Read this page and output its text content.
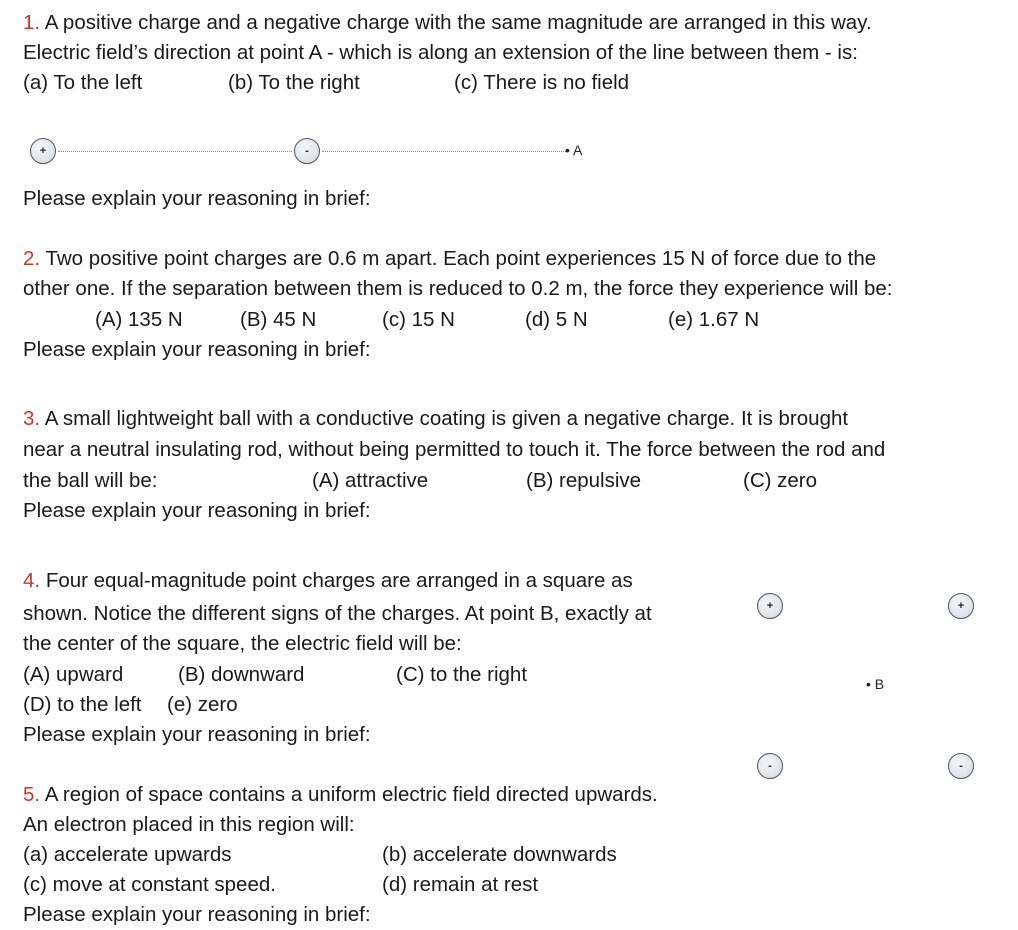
1. A positive charge and a negative charge with the same magnitude are arranged in this way.
Electric field’s direction at point A - which is along an extension of the line between them - is:
(a) To the left	(b) To the right	(c) There is no field
+	-	• A
Please explain your reasoning in brief:
2. Two positive point charges are 0.6 m apart. Each point experiences 15 N of force due to the
other one. If the separation between them is reduced to 0.2 m, the force they experience will be:
(A) 135 N	(B) 45 N	(c) 15 N	(d) 5 N	(e) 1.67 N
Please explain your reasoning in brief:
3. A small lightweight ball with a conductive coating is given a negative charge. It is brought
near a neutral insulating rod, without being permitted to touch it. The force between the rod and
the ball will be:	(A) attractive	(B) repulsive	(C) zero
Please explain your reasoning in brief:
4. Four equal-magnitude point charges are arranged in a square as
shown. Notice the different signs of the charges. At point B, exactly at
the center of the square, the electric field will be:
(A) upward	(B) downward	(C) to the right
(D) to the left (e) zero
Please explain your reasoning in brief:
+	+
• B
-	-
5. A region of space contains a uniform electric field directed upwards.
An electron placed in this region will:
(a) accelerate upwards	(b) accelerate downwards
(c) move at constant speed.	(d) remain at rest
Please explain your reasoning in brief:
